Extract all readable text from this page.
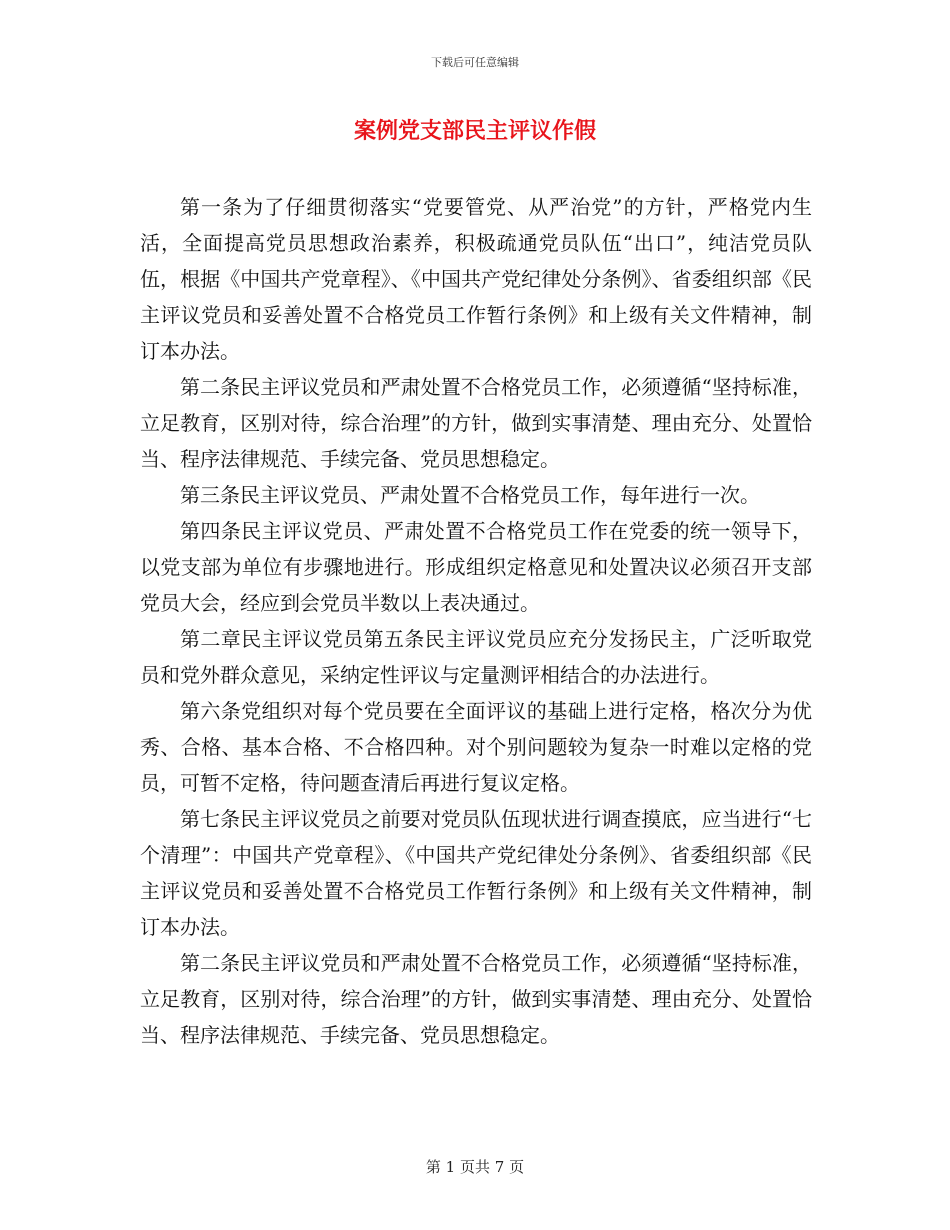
下载后可任意编辑
案例党支部民主评议作假

第一条为了仔细贯彻落实“党要管党、从严治党”的方针，严格党内生活，全面提高党员思想政治素养，积极疏通党员队伍“出口”，纯洁党员队伍，根据《中国共产党章程》、《中国共产党纪律处分条例》、省委组织部《民主评议党员和妥善处置不合格党员工作暂行条例》和上级有关文件精神，制订本办法。

第二条民主评议党员和严肃处置不合格党员工作，必须遵循“坚持标准，立足教育，区别对待，综合治理”的方针，做到实事清楚、理由充分、处置恰当、程序法律规范、手续完备、党员思想稳定。

第三条民主评议党员、严肃处置不合格党员工作，每年进行一次。

第四条民主评议党员、严肃处置不合格党员工作在党委的统一领导下，以党支部为单位有步骤地进行。形成组织定格意见和处置决议必须召开支部党员大会，经应到会党员半数以上表决通过。

第二章民主评议党员第五条民主评议党员应充分发扬民主，广泛听取党员和党外群众意见，采纳定性评议与定量测评相结合的办法进行。

第六条党组织对每个党员要在全面评议的基础上进行定格，格次分为优秀、合格、基本合格、不合格四种。对个别问题较为复杂一时难以定格的党员，可暂不定格，待问题查清后再进行复议定格。

第七条民主评议党员之前要对党员队伍现状进行调查摸底，应当进行“七个清理”：中国共产党章程》、《中国共产党纪律处分条例》、省委组织部《民主评议党员和妥善处置不合格党员工作暂行条例》和上级有关文件精神，制订本办法。

第二条民主评议党员和严肃处置不合格党员工作，必须遵循“坚持标准，立足教育，区别对待，综合治理”的方针，做到实事清楚、理由充分、处置恰当、程序法律规范、手续完备、党员思想稳定。

第 1 页共 7 页
